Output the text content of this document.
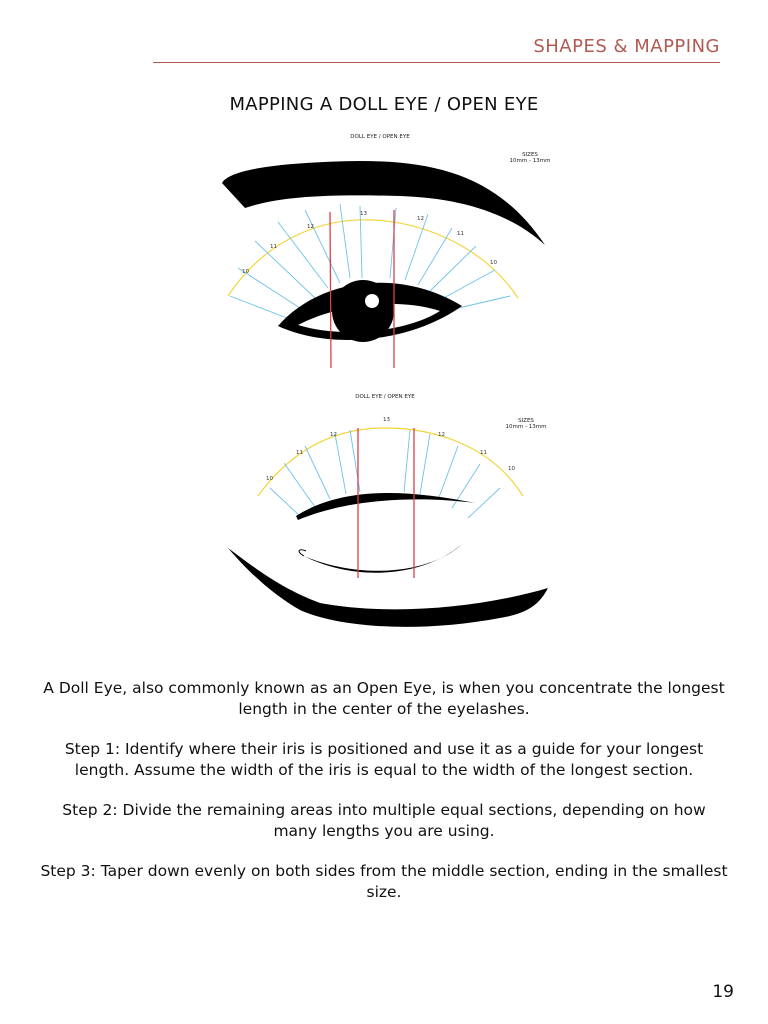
SHAPES & MAPPING
MAPPING A DOLL EYE / OPEN EYE
DOLL EYE / OPEN EYE
SIZES
10mm - 13mm
10
11
12
13
12
11
10
DOLL EYE / OPEN EYE
SIZES
10mm - 13mm
10
11
12
13
12
11
10

A Doll Eye, also commonly known as an Open Eye, is when you concentrate the longest length in the center of the eyelashes.

Step 1: Identify where their iris is positioned and use it as a guide for your longest length. Assume the width of the iris is equal to the width of the longest section.

Step 2: Divide the remaining areas into multiple equal sections, depending on how many lengths you are using.

Step 3: Taper down evenly on both sides from the middle section, ending in the smallest size.

19
